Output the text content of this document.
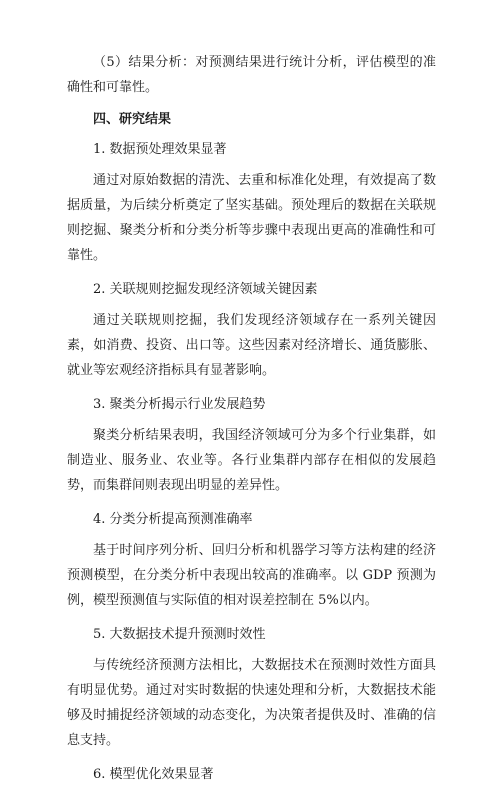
（5）结果分析：对预测结果进行统计分析，评估模型的准确性和可靠性。

四、研究结果

1. 数据预处理效果显著

通过对原始数据的清洗、去重和标准化处理，有效提高了数据质量，为后续分析奠定了坚实基础。预处理后的数据在关联规则挖掘、聚类分析和分类分析等步骤中表现出更高的准确性和可靠性。

2. 关联规则挖掘发现经济领域关键因素

通过关联规则挖掘，我们发现经济领域存在一系列关键因素，如消费、投资、出口等。这些因素对经济增长、通货膨胀、就业等宏观经济指标具有显著影响。

3. 聚类分析揭示行业发展趋势

聚类分析结果表明，我国经济领域可分为多个行业集群，如制造业、服务业、农业等。各行业集群内部存在相似的发展趋势，而集群间则表现出明显的差异性。

4. 分类分析提高预测准确率

基于时间序列分析、回归分析和机器学习等方法构建的经济预测模型，在分类分析中表现出较高的准确率。以 GDP 预测为例，模型预测值与实际值的相对误差控制在 5%以内。

5. 大数据技术提升预测时效性

与传统经济预测方法相比，大数据技术在预测时效性方面具有明显优势。通过对实时数据的快速处理和分析，大数据技术能够及时捕捉经济领域的动态变化，为决策者提供及时、准确的信息支持。

6. 模型优化效果显著
